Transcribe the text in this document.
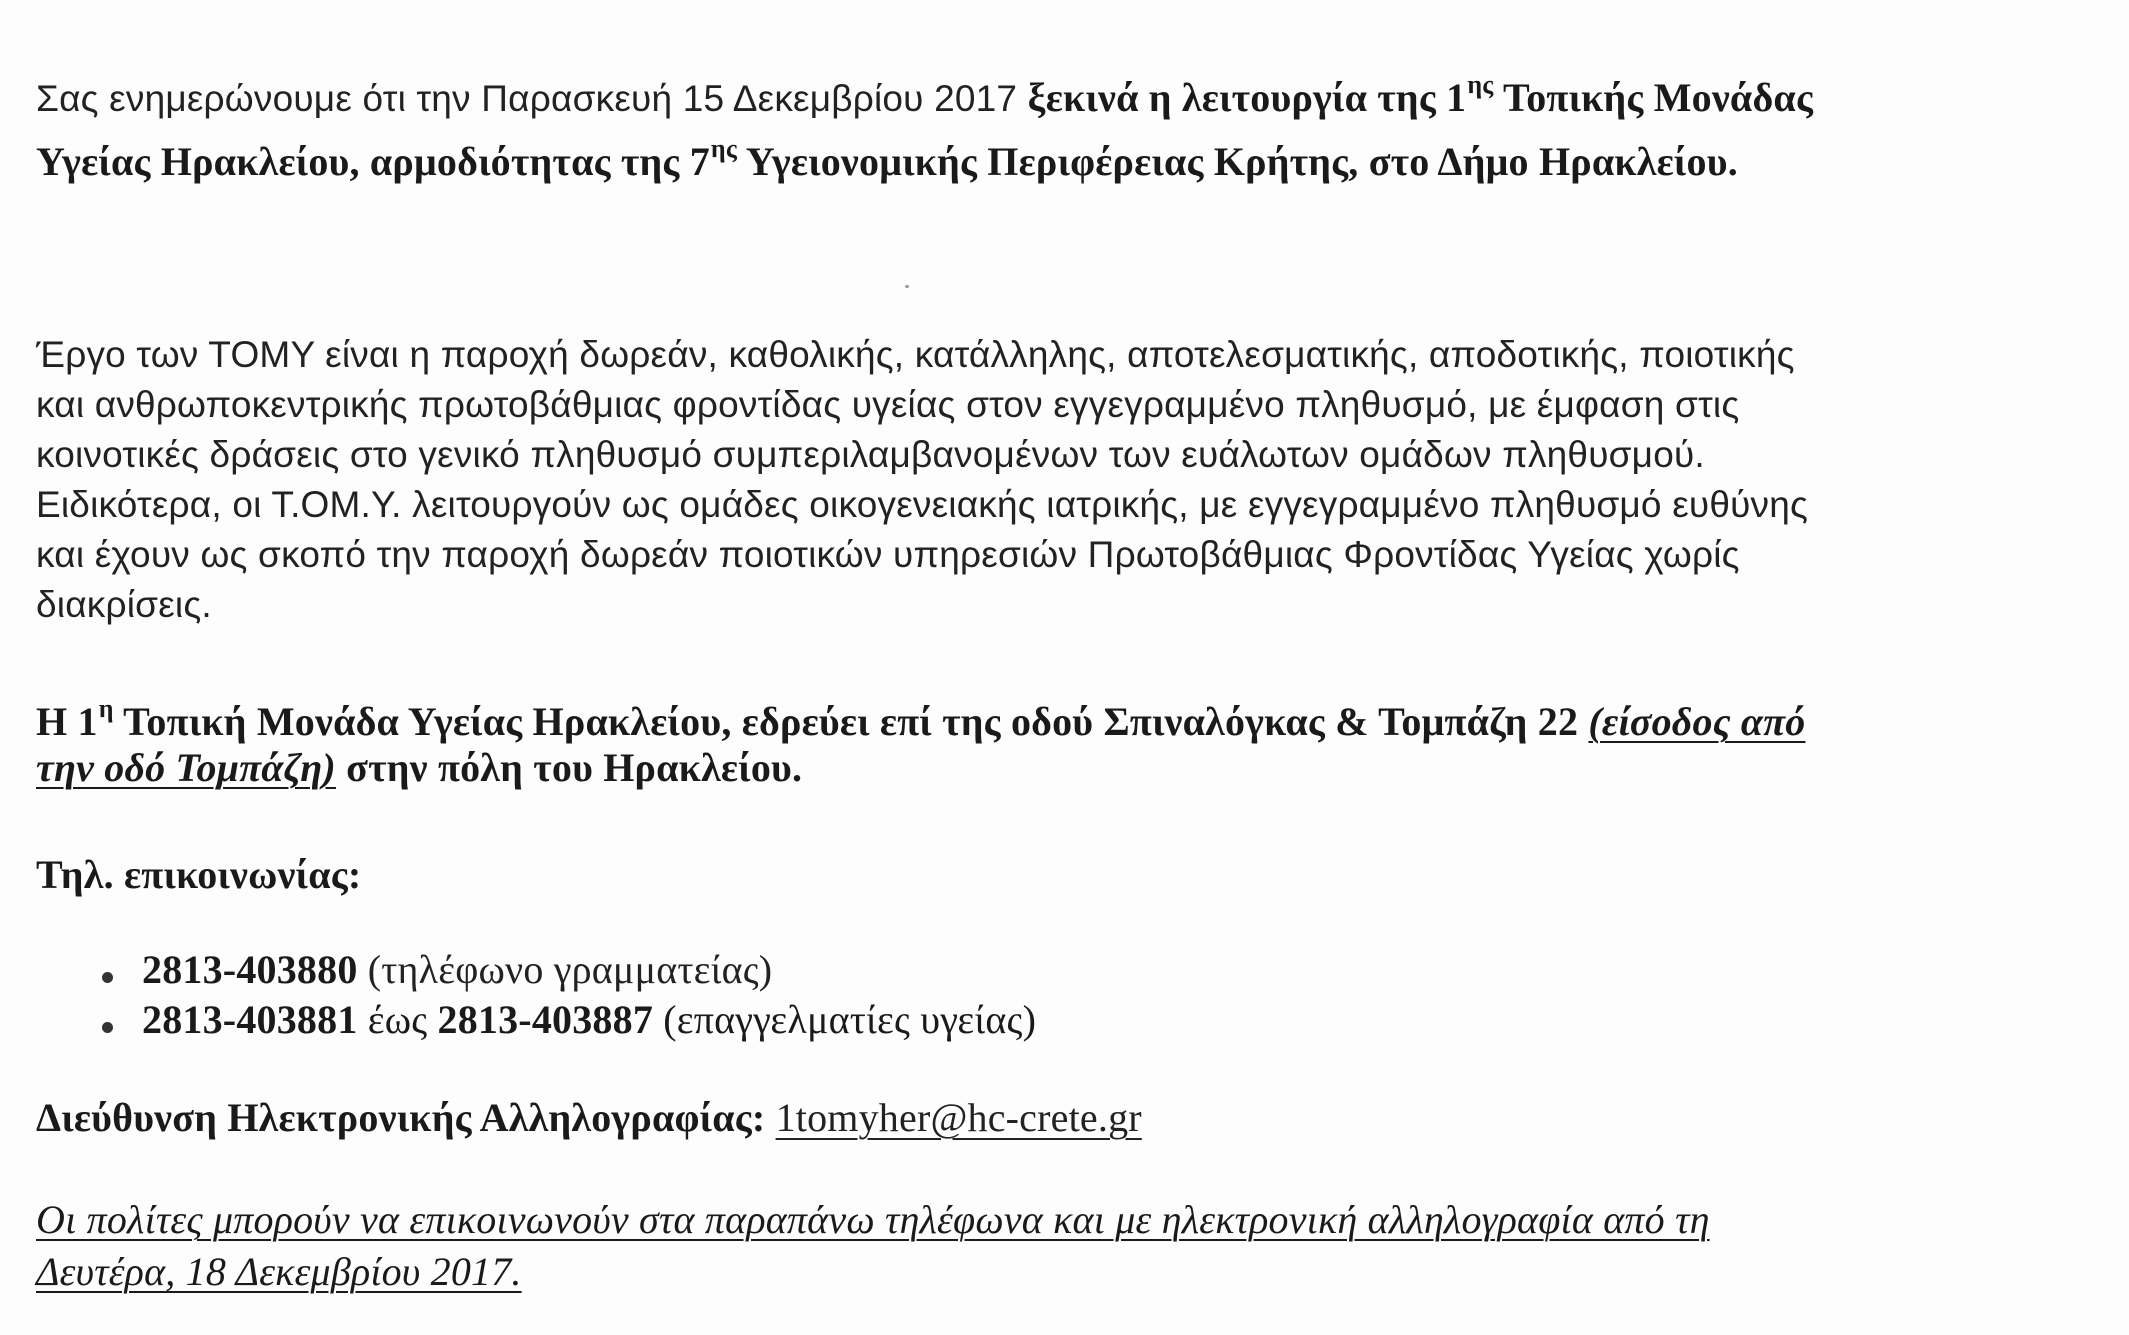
Σας ενημερώνουμε ότι την Παρασκευή 15 Δεκεμβρίου 2017 ξεκινά η λειτουργία της $1^{\eta\varsigma}$ Τοπικής Μονάδας
Υγείας Ηρακλείου, αρμοδιότητας της $7^{\eta\varsigma}$ Υγειονομικής Περιφέρειας Κρήτης, στο Δήμο Ηρακλείου.
Έργο των ΤΟΜΥ είναι η παροχή δωρεάν, καθολικής, κατάλληλης, αποτελεσματικής, αποδοτικής, ποιοτικής
και ανθρωποκεντρικής πρωτοβάθμιας φροντίδας υγείας στον εγγεγραμμένο πληθυσμό, με έμφαση στις
κοινοτικές δράσεις στο γενικό πληθυσμό συμπεριλαμβανομένων των ευάλωτων ομάδων πληθυσμού.
Ειδικότερα, οι Τ.ΟΜ.Υ. λειτουργούν ως ομάδες οικογενειακής ιατρικής, με εγγεγραμμένο πληθυσμό ευθύνης
και έχουν ως σκοπό την παροχή δωρεάν ποιοτικών υπηρεσιών Πρωτοβάθμιας Φροντίδας Υγείας χωρίς
διακρίσεις.
Η $1^\eta$ Τοπική Μονάδα Υγείας Ηρακλείου, εδρεύει επί της οδού Σπιναλόγκας & Τομπάζη 22 (είσοδος από
την οδό Τομπάζη) στην πόλη του Ηρακλείου.
Τηλ. επικοινωνίας:
2813-403880 (τηλέφωνο γραμματείας)
2813-403881 έως 2813-403887 (επαγγελματίες υγείας)
Διεύθυνση Ηλεκτρονικής Αλληλογραφίας: 1tomyher@hc-crete.gr
Οι πολίτες μπορούν να επικοινωνούν στα παραπάνω τηλέφωνα και με ηλεκτρονική αλληλογραφία από τη
Δευτέρα, 18 Δεκεμβρίου 2017.
